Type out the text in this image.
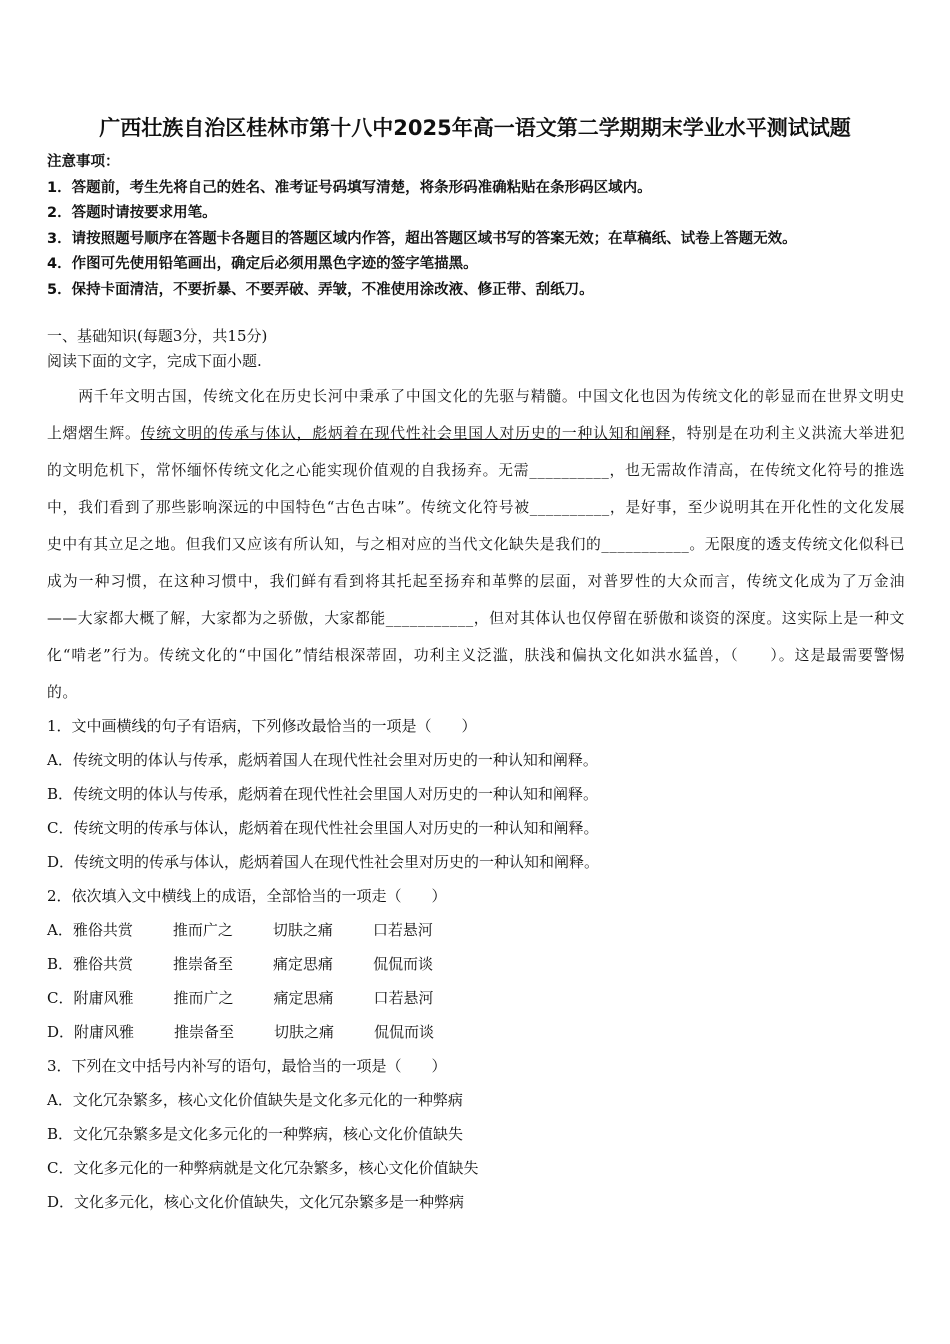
广西壮族自治区桂林市第十八中2025年高一语文第二学期期末学业水平测试试题
注意事项：
1．答题前，考生先将自己的姓名、准考证号码填写清楚，将条形码准确粘贴在条形码区域内。
2．答题时请按要求用笔。
3．请按照题号顺序在答题卡各题目的答题区域内作答，超出答题区域书写的答案无效；在草稿纸、试卷上答题无效。
4．作图可先使用铅笔画出，确定后必须用黑色字迹的签字笔描黑。
5．保持卡面清洁，不要折暴、不要弄破、弄皱，不准使用涂改液、修正带、刮纸刀。
一、基础知识(每题3分，共15分)
阅读下面的文字，完成下面小题.
两千年文明古国，传统文化在历史长河中秉承了中国文化的先驱与精髓。中国文化也因为传统文化的彰显而在世界文明史上熠熠生辉。传统文明的传承与体认，彪炳着在现代性社会里国人对历史的一种认知和阐释，特别是在功利主义洪流大举进犯的文明危机下，常怀缅怀传统文化之心能实现价值观的自我扬弃。无需__________，也无需故作清高，在传统文化符号的推选中，我们看到了那些影响深远的中国特色“古色古味”。传统文化符号被__________，是好事，至少说明其在开化性的文化发展史中有其立足之地。但我们又应该有所认知，与之相对应的当代文化缺失是我们的___________。无限度的透支传统文化似科已成为一种习惯，在这种习惯中，我们鲜有看到将其托起至扬弃和革弊的层面，对普罗性的大众而言，传统文化成为了万金油——大家都大概了解，大家都为之骄傲，大家都能___________，但对其体认也仅停留在骄傲和谈资的深度。这实际上是一种文化“啃老”行为。传统文化的“中国化”情结根深蒂固，功利主义泛滥，肤浅和偏执文化如洪水猛兽，（　　）。这是最需要警惕的。
1．文中画横线的句子有语病，下列修改最恰当的一项是（　　）
A．传统文明的体认与传承，彪炳着国人在现代性社会里对历史的一种认知和阐释。
B．传统文明的体认与传承，彪炳着在现代性社会里国人对历史的一种认知和阐释。
C．传统文明的传承与体认，彪炳着在现代性社会里国人对历史的一种认知和阐释。
D．传统文明的传承与体认，彪炳着国人在现代性社会里对历史的一种认知和阐释。
2．依次填入文中横线上的成语，全部恰当的一项走（　　）
A．雅俗共赏	推而广之	切肤之痛	口若悬河
B．雅俗共赏	推崇备至	痛定思痛	侃侃而谈
C．附庸风雅	推而广之	痛定思痛	口若悬河
D．附庸风雅	推崇备至	切肤之痛	侃侃而谈
3．下列在文中括号内补写的语句，最恰当的一项是（　　）
A．文化冗杂繁多，核心文化价值缺失是文化多元化的一种弊病
B．文化冗杂繁多是文化多元化的一种弊病，核心文化价值缺失
C．文化多元化的一种弊病就是文化冗杂繁多，核心文化价值缺失
D．文化多元化，核心文化价值缺失，文化冗杂繁多是一种弊病
